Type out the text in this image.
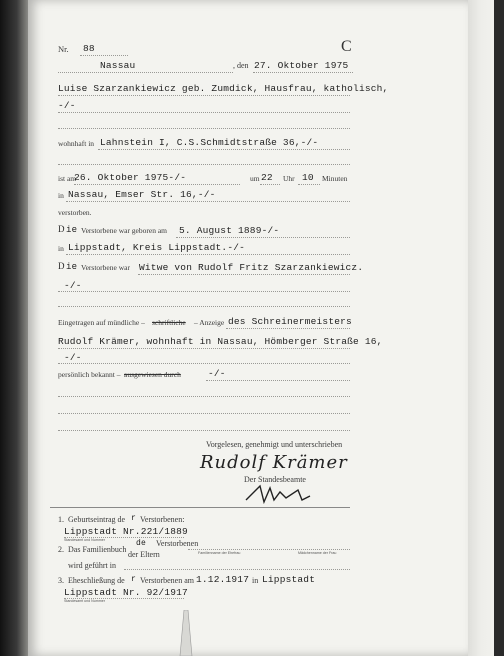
Nr. 88	C
Nassau	, den 27. Oktober 1975
Luise Szarzankiewicz geb. Zumdick, Hausfrau, katholisch,
-/-
wohnhaft in Lahnstein I, C.S.Schmidtstraße 36,-/-
ist am
26. Oktober 1975-/-	um 22 Uhr 10 Minuten
in Nassau, Emser Str. 16,-/-
verstorben.
D ie Verstorbene war geboren am 5. August 1889-/-
in Lippstadt, Kreis Lippstadt.-/-
D ie Verstorbene war Witwe von Rudolf Fritz Szarzankiewicz.
-/-
Eingetragen auf mündliche – schriftliche – Anzeige des Schreinermeisters
Rudolf Krämer, wohnhaft in Nassau, Hömberger Straße 16,
-/-
persönlich bekannt – ausgewiesen durch	-/-
Vorgelesen, genehmigt und unterschrieben
Rudolf Krämer
Der Standesbeamte
1. Geburtseintrag de r Verstorbenen:
Lippstadt Nr.221/1889
Standesamt und Nummer
2. Das Familienbuch
de Verstorbenen
der Eltern	Familienname der Ehefrau	Mädchenname der Frau
wird geführt in
3. Eheschließung de r Verstorbenen am 1.12.1917 in Lippstadt
Lippstadt Nr. 92/1917
Standesamt und Nummer
